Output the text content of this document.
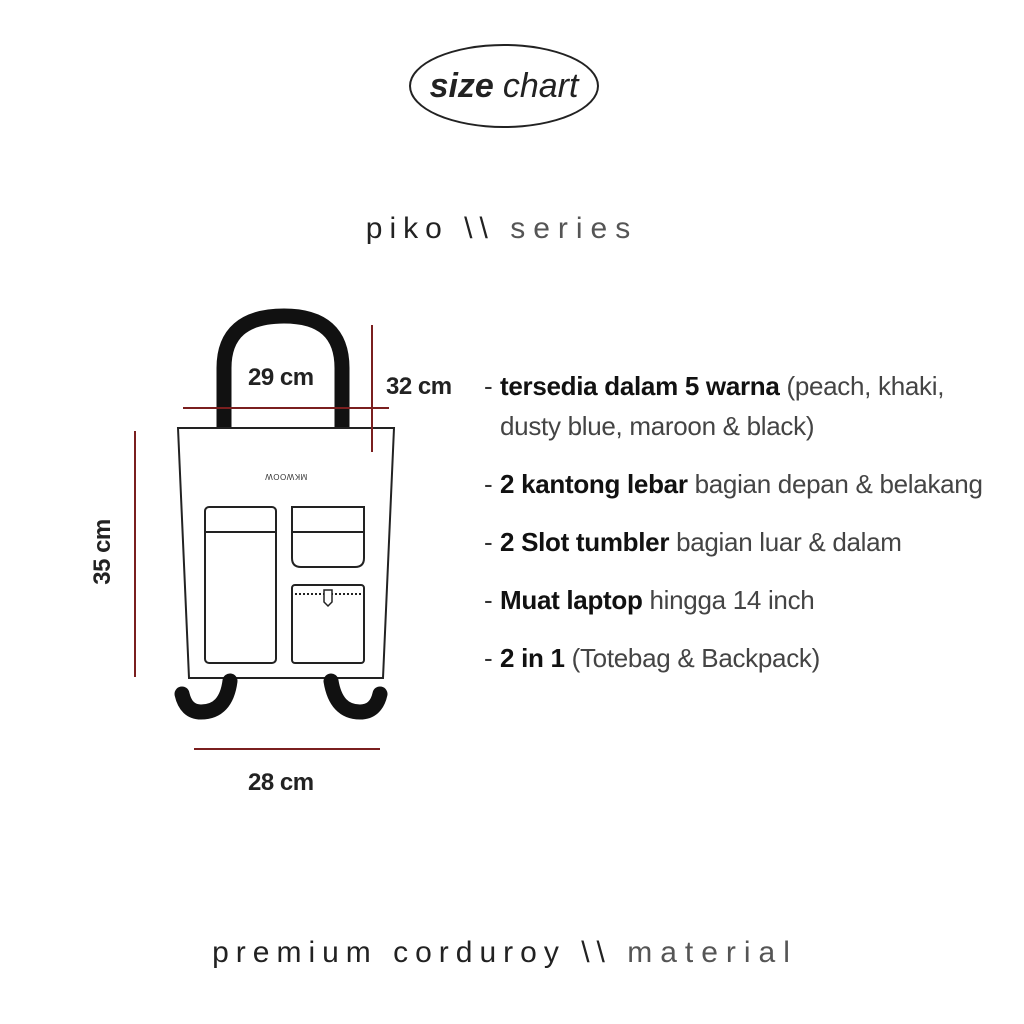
size chart
piko \\ series
MKWOOW
29 cm	32 cm
35 cm
28 cm
- tersedia dalam 5 warna (peach, khaki, dusty blue, maroon & black)
- 2 kantong lebar bagian depan & belakang
- 2 Slot tumbler bagian luar & dalam
- Muat laptop hingga 14 inch
- 2 in 1 (Totebag & Backpack)
premium corduroy \\ material
